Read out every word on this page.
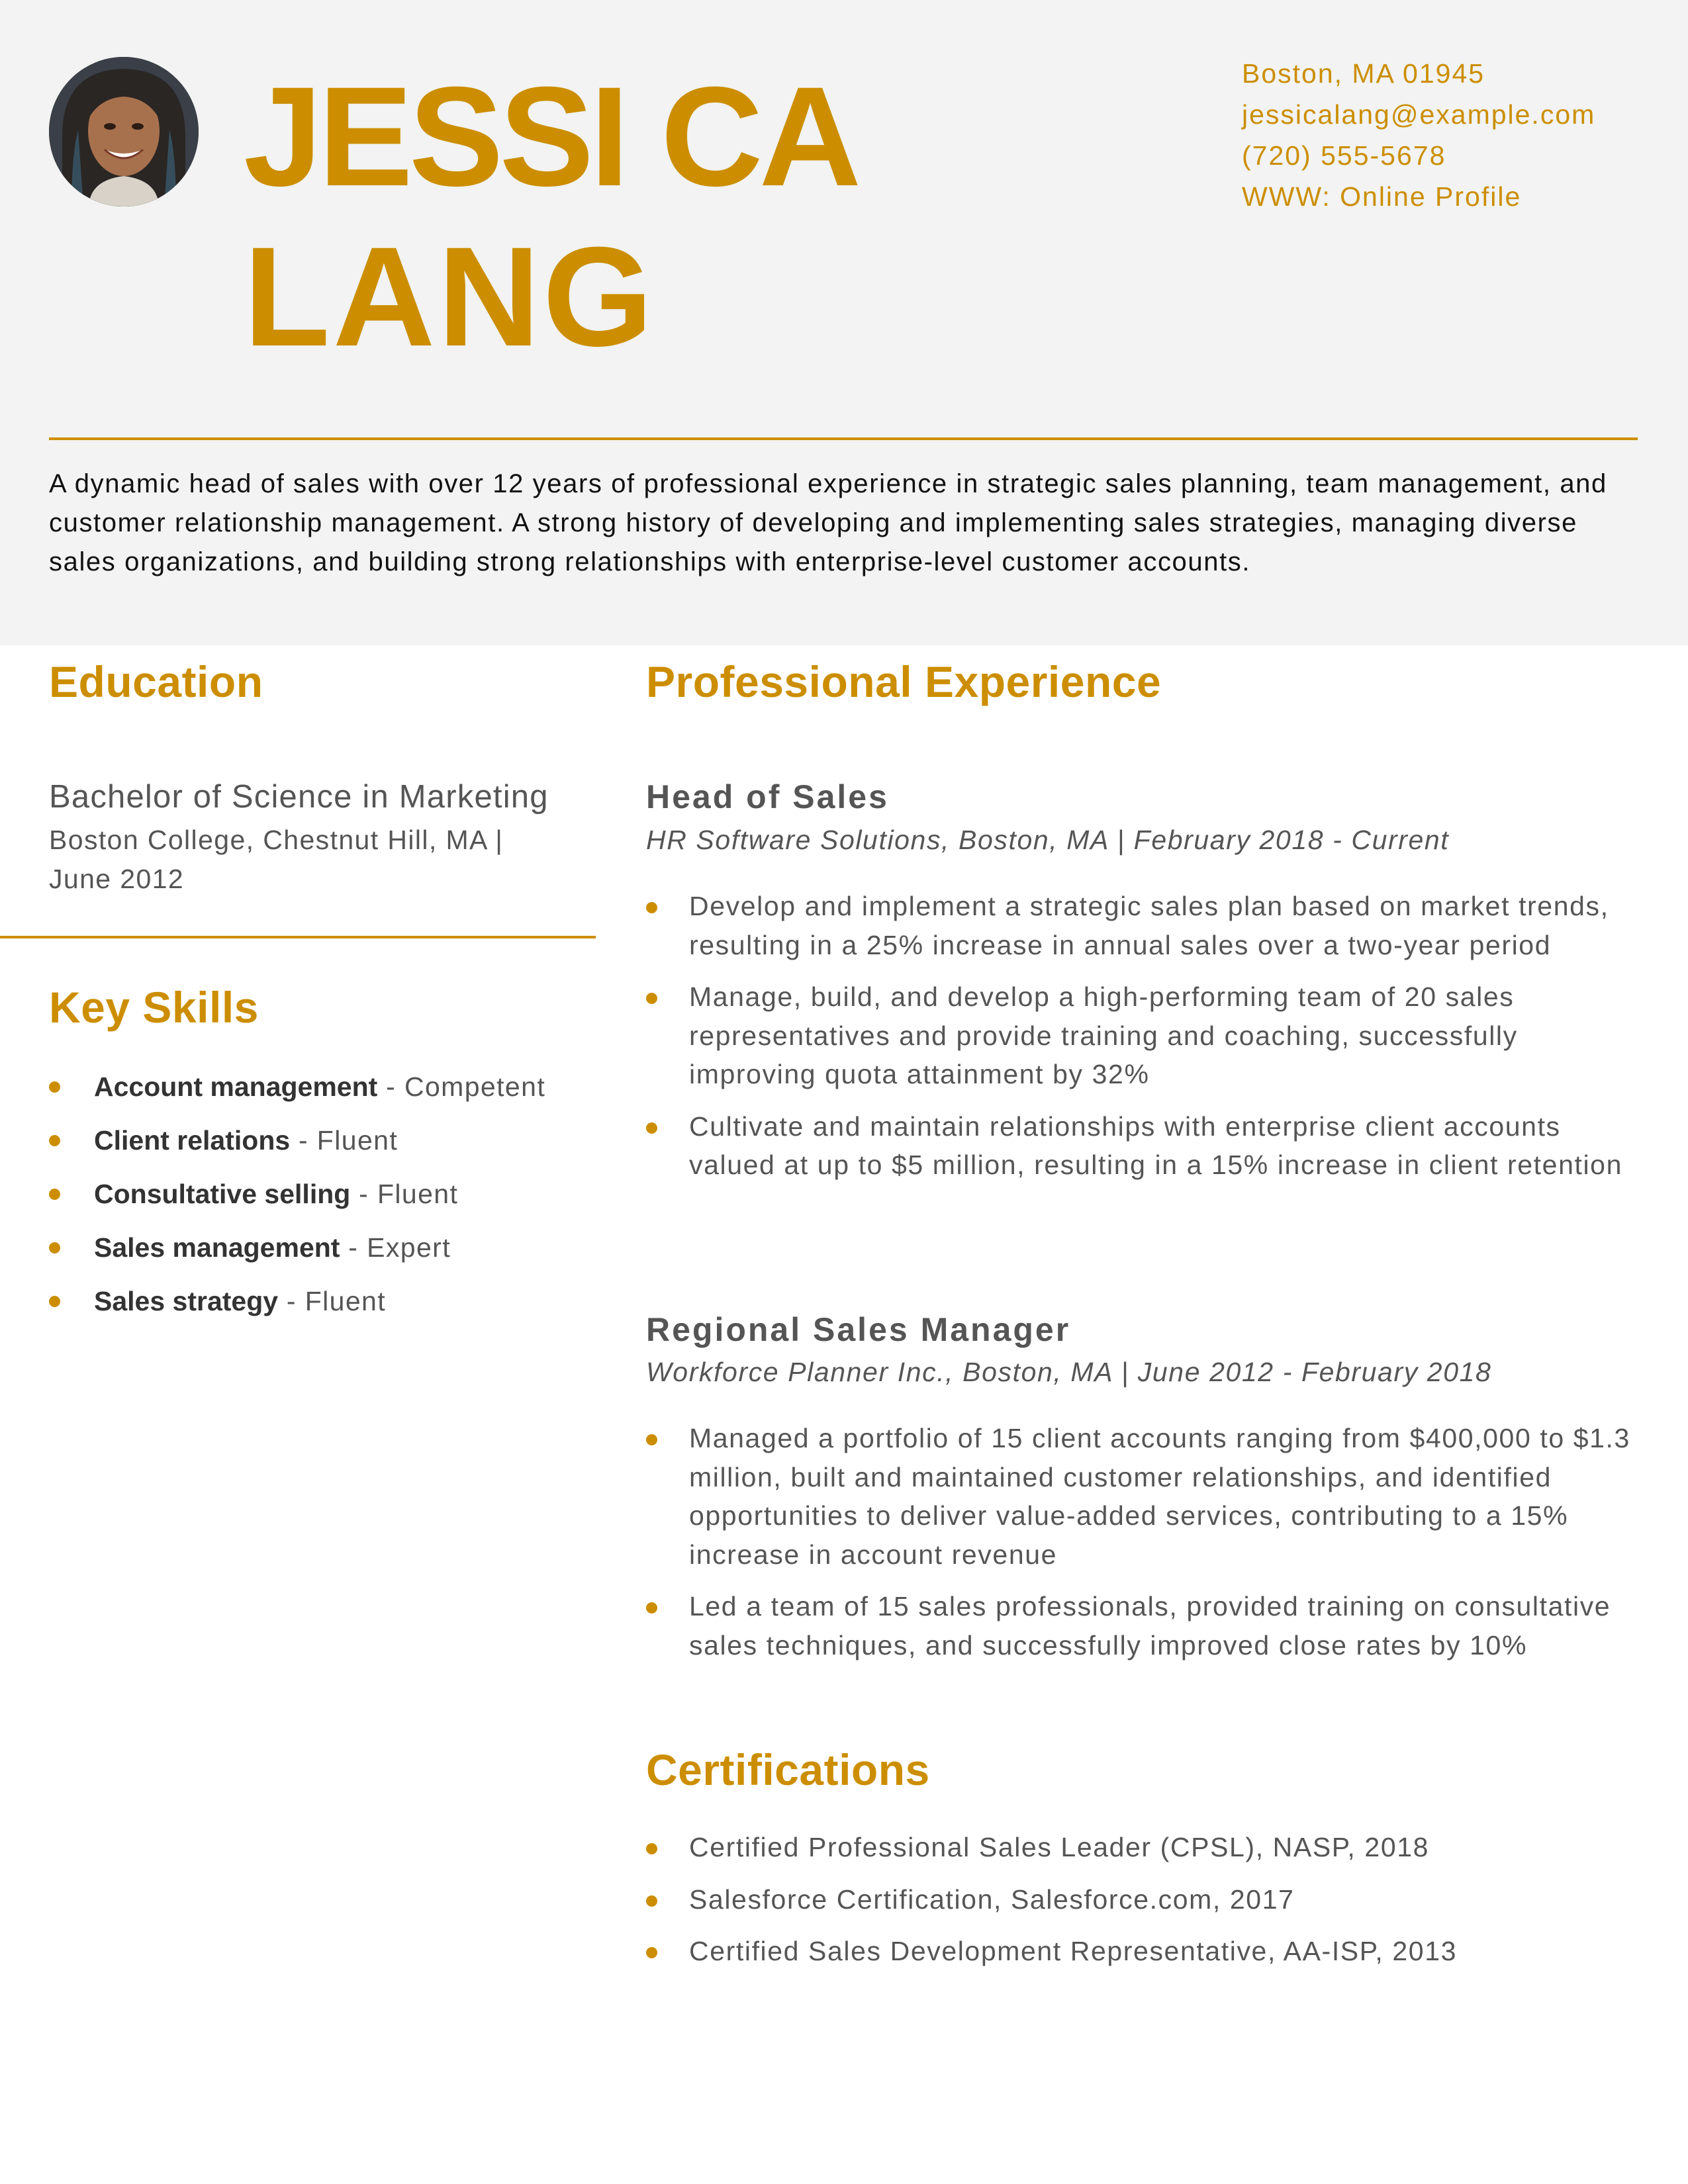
JESSI CA
LANG
Boston, MA 01945
jessicalang@example.com
(720) 555-5678
WWW: Online Profile

A dynamic head of sales with over 12 years of professional experience in strategic sales planning, team management, and customer relationship management. A strong history of developing and implementing sales strategies, managing diverse sales organizations, and building strong relationships with enterprise-level customer accounts.

Education

Bachelor of Science in Marketing

Boston College, Chestnut Hill, MA | June 2012

Key Skills
Account management - Competent
Client relations - Fluent
Consultative selling - Fluent
Sales management - Expert
Sales strategy - Fluent
Professional Experience

Head of Sales

HR Software Solutions, Boston, MA | February 2018 - Current

Develop and implement a strategic sales plan based on market trends, resulting in a 25% increase in annual sales over a two-year period
Manage, build, and develop a high-performing team of 20 sales representatives and provide training and coaching, successfully improving quota attainment by 32%
Cultivate and maintain relationships with enterprise client accounts valued at up to $5 million, resulting in a 15% increase in client retention

Regional Sales Manager

Workforce Planner Inc., Boston, MA | June 2012 - February 2018

Managed a portfolio of 15 client accounts ranging from $400,000 to $1.3 million, built and maintained customer relationships, and identified opportunities to deliver value-added services, contributing to a 15% increase in account revenue
Led a team of 15 sales professionals, provided training on consultative sales techniques, and successfully improved close rates by 10%
Certifications
Certified Professional Sales Leader (CPSL), NASP, 2018
Salesforce Certification, Salesforce.com, 2017
Certified Sales Development Representative, AA-ISP, 2013
